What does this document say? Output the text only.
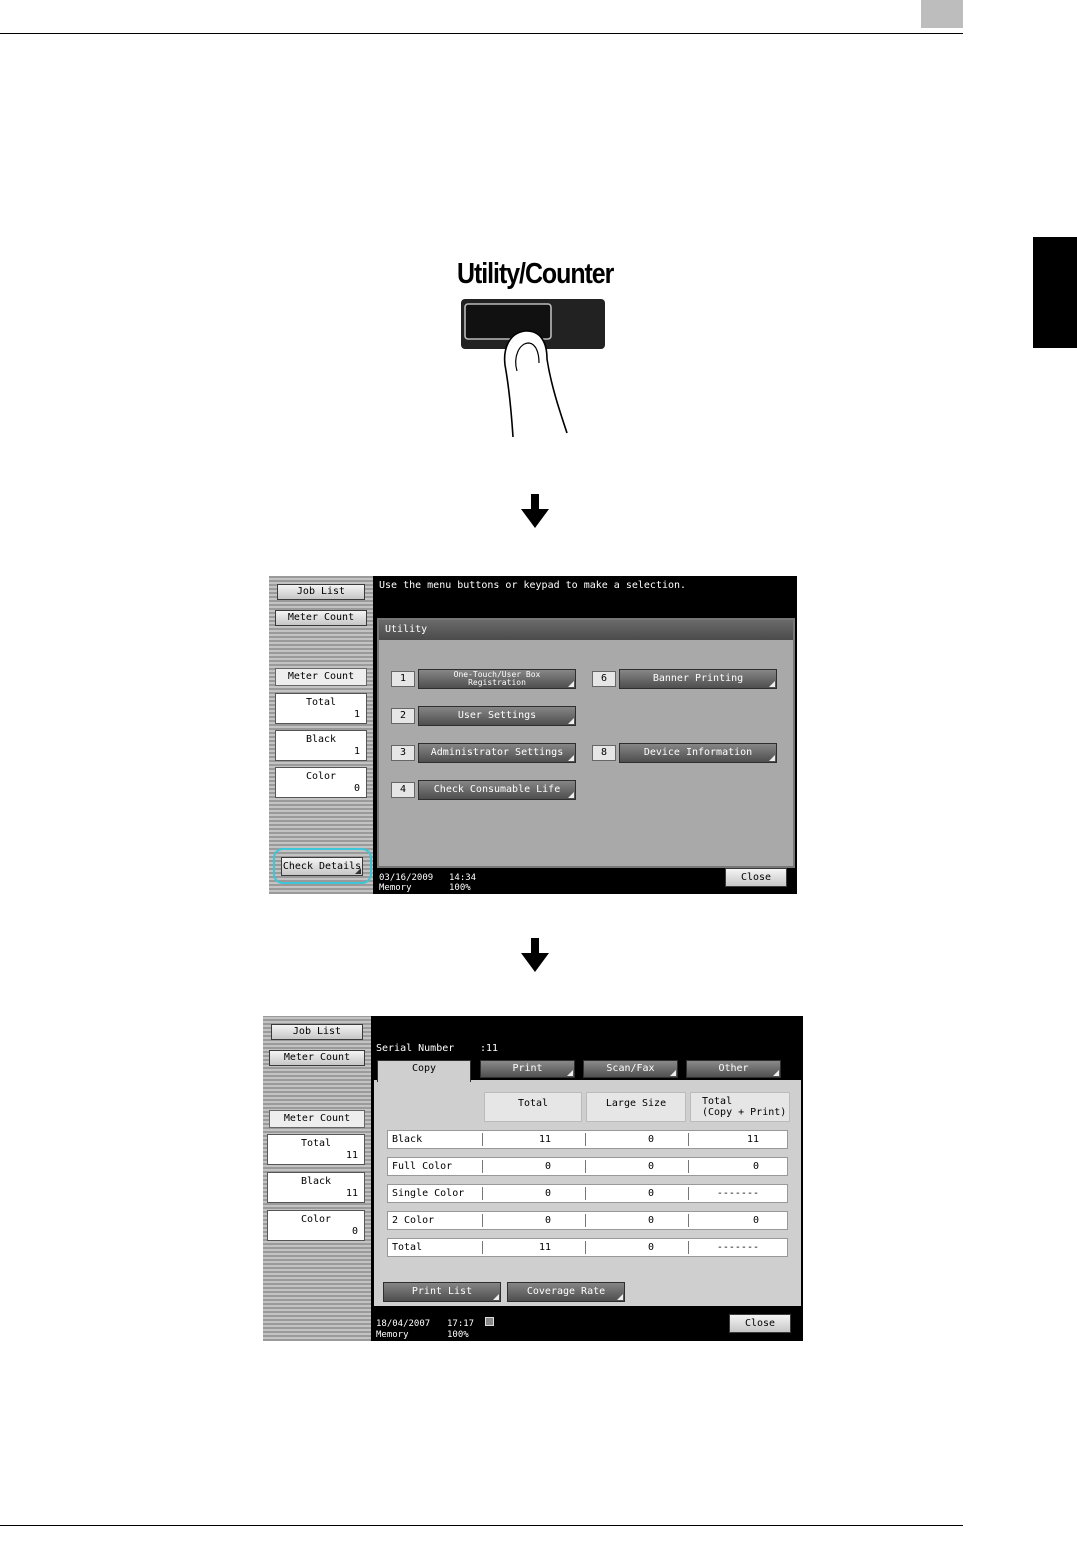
Utility/Counter
Job List
Meter Count
Meter Count
Total
1
Black
1
Color
0
Check Details
Use the menu buttons or keypad to make a selection.
Utility
1	One-Touch/User Box
Registration
2	User Settings
3	Administrator Settings
4	Check Consumable Life
6	Banner Printing
8	Device Information
03/16/2009 14:34
Memory	100%
Close
Job List
Meter Count
Meter Count
Total
11
Black
11
Color
0
Serial Number	:11
Copy	Print	Scan/Fax	Other
Total	Large Size	Total
(Copy + Print)
Black	11	0	11
Full Color	0	0	0
Single Color	0	0	-------
2 Color	0	0	0
Total	11	0	-------
Print List	Coverage Rate
18/04/2007 17:17
Memory	100%
Close
